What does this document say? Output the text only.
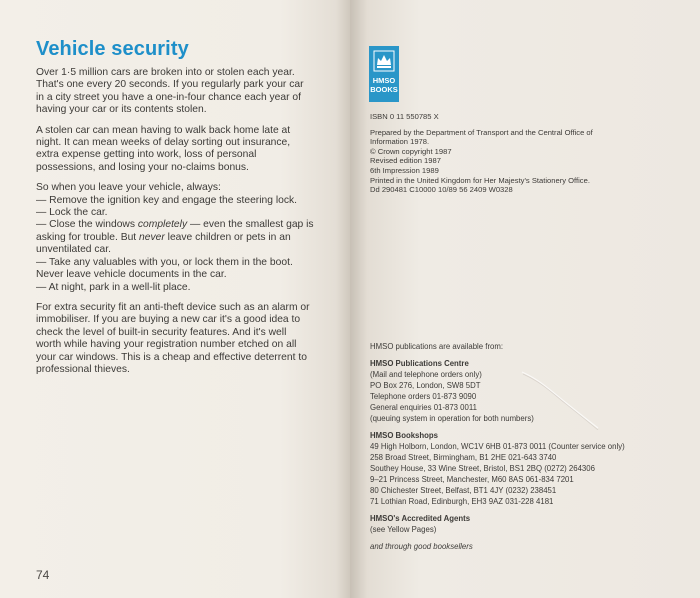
Vehicle security

Over 1·5 million cars are broken into or stolen each year.
That's one every 20 seconds. If you regularly park your car
in a city street you have a one-in-four chance each year of
having your car or its contents stolen.

A stolen car can mean having to walk back home late at
night. It can mean weeks of delay sorting out insurance,
extra expense getting into work, loss of personal
possessions, and losing your no-claims bonus.

So when you leave your vehicle, always:
— Remove the ignition key and engage the steering lock.
— Lock the car.
— Close the windows completely — even the smallest gap is
asking for trouble. But never leave children or pets in an
unventilated car.
— Take any valuables with you, or lock them in the boot.
Never leave vehicle documents in the car.
— At night, park in a well-lit place.

For extra security fit an anti-theft device such as an alarm or
immobiliser. If you are buying a new car it's a good idea to
check the level of built-in security features. And it's well
worth while having your registration number etched on all
your car windows. This is a cheap and effective deterrent to
professional thieves.

74
HMSO
BOOKS
ISBN 0 11 550785 X
Prepared by the Department of Transport and the Central Office of
Information 1978.
© Crown copyright 1987
Revised edition 1987
6th Impression 1989
Printed in the United Kingdom for Her Majesty's Stationery Office.
Dd 290481 C10000 10/89 56 2409 W0328
HMSO publications are available from:
HMSO Publications Centre
(Mail and telephone orders only)
PO Box 276, London, SW8 5DT
Telephone orders 01-873 9090
General enquiries 01-873 0011
(queuing system in operation for both numbers)
HMSO Bookshops
49 High Holborn, London, WC1V 6HB 01-873 0011 (Counter service only)
258 Broad Street, Birmingham, B1 2HE 021-643 3740
Southey House, 33 Wine Street, Bristol, BS1 2BQ (0272) 264306
9–21 Princess Street, Manchester, M60 8AS 061-834 7201
80 Chichester Street, Belfast, BT1 4JY (0232) 238451
71 Lothian Road, Edinburgh, EH3 9AZ 031-228 4181
HMSO's Accredited Agents
(see Yellow Pages)
and through good booksellers
